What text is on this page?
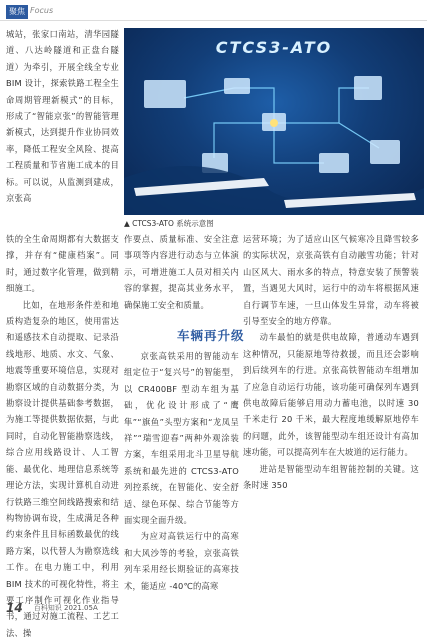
聚焦 Focus

城站，张家口南站，清华园隧道、八达岭隧道和正盘台隧道）为牵引，开展全线全专业 BIM 设计，探索铁路工程全生命周期管理新模式”的目标，形成了“智能京张”的智能管理新模式，达到提升作业协同效率，降低工程安全风险、提高工程质量和节省施工成本的目标。可以说，从监测到建成，京张高

CTCS3-ATO
▲ CTCS3-ATO 系统示意图

铁的全生命周期都有大数据支撑，并存有“健康档案”。同时，通过数字化管理，做到精细施工。

比如，在地形条件差和地质构造复杂的地区，使用雷达和遥感技术自动提取、记录沿线地形、地质、水文、气象、地震等重要环境信息，实现对勘察区域的自动数据分类，为勘察设计提供基础参考数据，为施工等提供数据依据，与此同时，自动化智能勘察选线，综合应用线路设计、人工智能、最优化、地理信息系统等理论方法，实现计算机自动进行铁路三维空间线路搜索和结构物协调布设，生成满足各种约束条件且目标函数最优的线路方案，以代替人为勘察选线工作。在电力施工中，利用 BIM 技术的可视化特性，将主要工序制作可视化作业指导书，通过对施工流程、工艺工法、操

作要点、质量标准、安全注意事项等内容进行动态与立体演示，可增进施工人员对相关内容的掌握，提高其业务水平，确保施工安全和质量。

车辆再升级

京张高铁采用的智能动车组定位于“复兴号”的智能型，以 CR400BF 型动车组为基础，优化设计形成了“鹰隼”“旗鱼”头型方案和“龙凤呈祥”“瑞雪迎春”两种外观涂装方案，车组采用北斗卫星导航系统和最先进的 CTCS3-ATO 列控系统，在智能化、安全舒适、绿色环保、综合节能等方面实现全面升级。

为应对高铁运行中的高寒和大风沙等的考验，京张高铁列车采用经长期验证的高寒技术，能适应 -40℃的高寒

运营环境；为了适应山区气候寒冷且降雪较多的实际状况，京张高铁有自动融雪功能；针对山区风大、雨水多的特点，特意安装了预警装置，当遇见大风时，运行中的动车将根据风速自行调节车速，一旦山体发生异常，动车将被引导至安全的地方停靠。

动车最怕的就是供电故障，普通动车遇到这种情况，只能原地等待救援，而且还会影响到后续列车的行进。京张高铁智能动车组增加了应急自动运行功能，该功能可确保列车遇到供电故障后能够启用动力蓄电池，以时速 30 千米走行 20 千米，最大程度地缓解原地停车的问题，此外，该智能型动车组还设计有高加速功能，可以提高列车在大坡道的运行能力。

进站是智能型动车组智能控制的关键。这条时速 350

14 百科知识 2021.05A
